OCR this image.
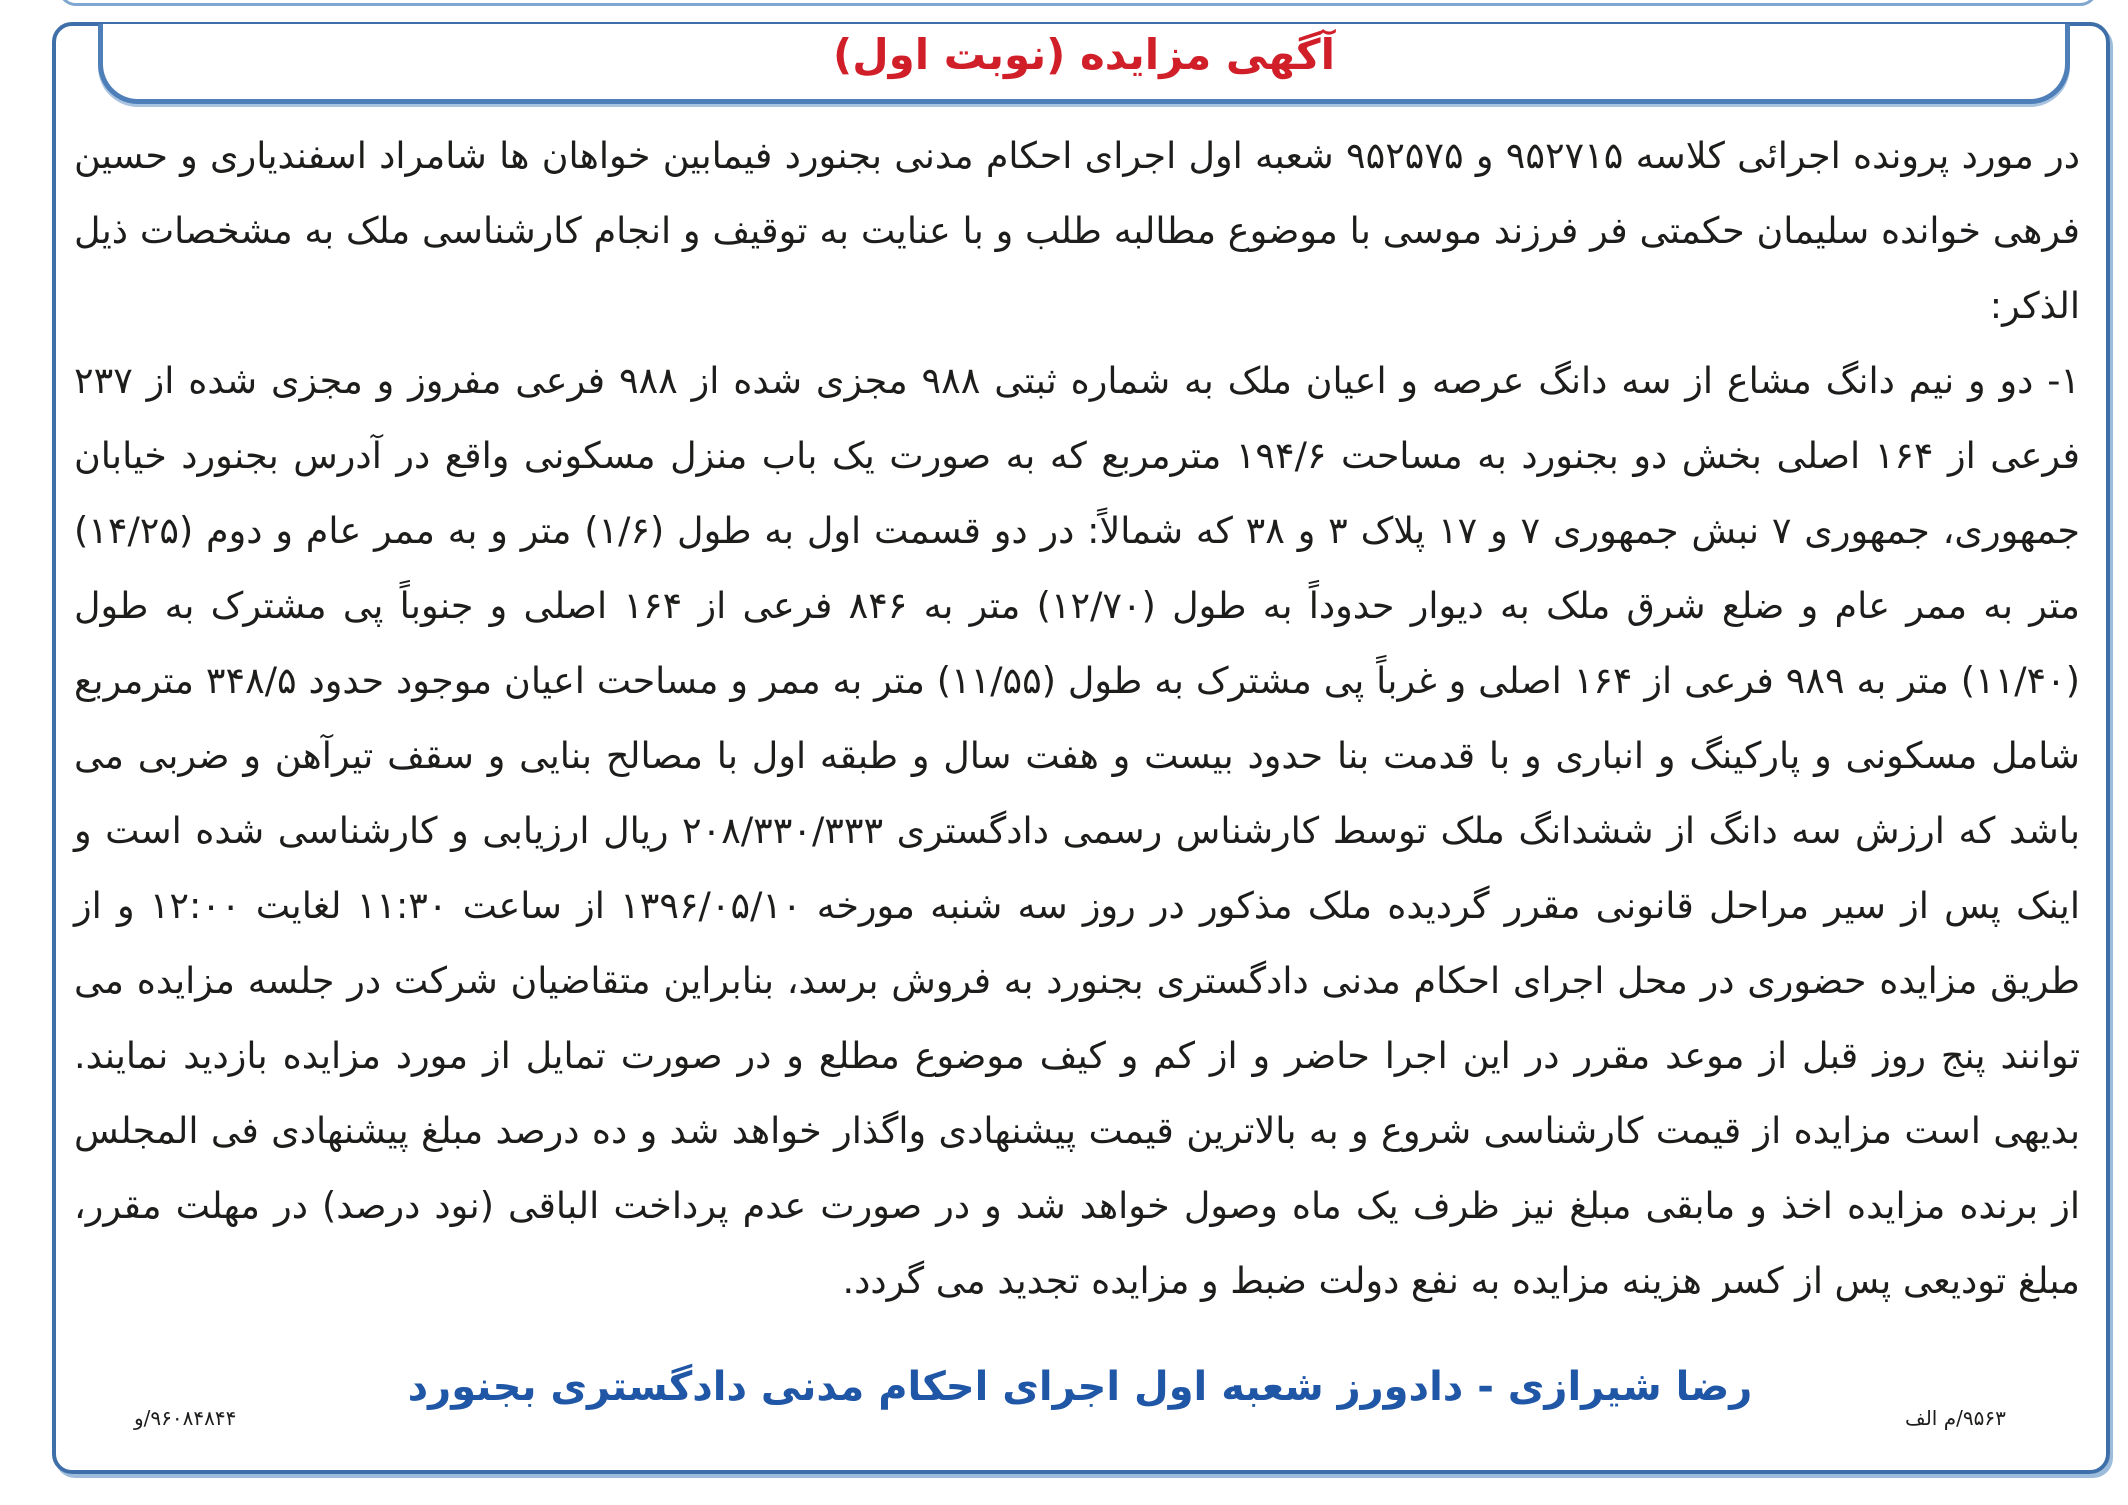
آگهی مزایده (نوبت اول)

در مورد پرونده اجرائی کلاسه ۹۵۲۷۱۵ و ۹۵۲۵۷۵ شعبه اول اجرای احکام مدنی بجنورد فیمابین خواهان ها شامراد اسفندیاری و حسین فرهی خوانده سلیمان حکمتی فر فرزند موسی با موضوع مطالبه طلب و با عنایت به توقیف و انجام کارشناسی ملک به مشخصات ذیل الذکر:

۱- دو و نیم دانگ مشاع از سه دانگ عرصه و اعیان ملک به شماره ثبتی ۹۸۸ مجزی شده از ۹۸۸ فرعی مفروز و مجزی شده از ۲۳۷ فرعی از ۱۶۴ اصلی بخش دو بجنورد به مساحت ۱۹۴/۶ مترمربع که به صورت یک باب منزل مسکونی واقع در آدرس بجنورد خیابان جمهوری، جمهوری ۷ نبش جمهوری ۷ و ۱۷ پلاک ۳ و ۳۸ که شمالاً: در دو قسمت اول به طول (۱/۶) متر و به ممر عام و دوم (۱۴/۲۵) متر به ممر عام و ضلع شرق ملک به دیوار حدوداً به طول (۱۲/۷۰) متر به ۸۴۶ فرعی از ۱۶۴ اصلی و جنوباً پی مشترک به طول (۱۱/۴۰) متر به ۹۸۹ فرعی از ۱۶۴ اصلی و غرباً پی مشترک به طول (۱۱/۵۵) متر به ممر و مساحت اعیان موجود حدود ۳۴۸/۵ مترمربع شامل مسکونی و پارکینگ و انباری و با قدمت بنا حدود بیست و هفت سال و طبقه اول با مصالح بنایی و سقف تیرآهن و ضربی می باشد که ارزش سه دانگ از ششدانگ ملک توسط کارشناس رسمی دادگستری ۲۰۸/۳۳۰/۳۳۳ ریال ارزیابی و کارشناسی شده است و اینک پس از سیر مراحل قانونی مقرر گردیده ملک مذکور در روز سه شنبه مورخه ۱۳۹۶/۰۵/۱۰ از ساعت ۱۱:۳۰ لغایت ۱۲:۰۰ و از طریق مزایده حضوری در محل اجرای احکام مدنی دادگستری بجنورد به فروش برسد، بنابراین متقاضیان شرکت در جلسه مزایده می توانند پنج روز قبل از موعد مقرر در این اجرا حاضر و از کم و کیف موضوع مطلع و در صورت تمایل از مورد مزایده بازدید نمایند. بدیهی است مزایده از قیمت کارشناسی شروع و به بالاترین قیمت پیشنهادی واگذار خواهد شد و ده درصد مبلغ پیشنهادی فی المجلس از برنده مزایده اخذ و مابقی مبلغ نیز ظرف یک ماه وصول خواهد شد و در صورت عدم پرداخت الباقی (نود درصد) در مهلت مقرر، مبلغ تودیعی پس از کسر هزینه مزایده به نفع دولت ضبط و مزایده تجدید می گردد.

رضا شیرازی - دادورز شعبه اول اجرای احکام مدنی دادگستری بجنورد
۹۶۰۸۴۸۴۴/و	۹۵۶۳/م الف
